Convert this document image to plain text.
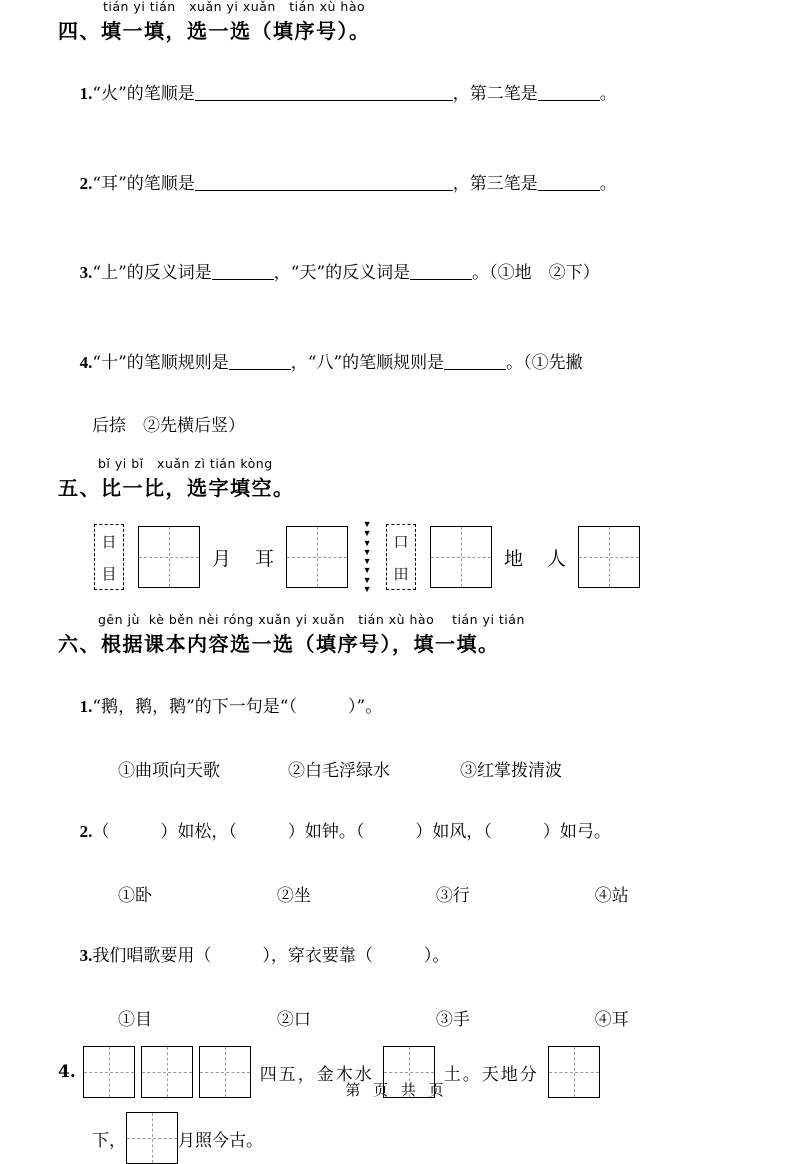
tián yi tián   xuǎn yi xuǎn   tián xù hào
四、填一填，选一选（填序号）。

1.“火”的笔顺是	，第二笔是	。

2.“耳”的笔顺是	，第三笔是	。

3.“上”的反义词是	，“天”的反义词是	。（①地　②下）

4.“十”的笔顺规则是	，“八”的笔顺规则是	。（①先撇

后捺　②先横后竖）
bǐ yi bǐ   xuǎn zì tián kòng
五、比一比，选字填空。
日
目
月 耳
▼
▼
▼
▼
▼
▼
▼
▼
口
田
地 人
gēn jù  kè běn nèi róng xuǎn yi xuǎn   tián xù hào    tián yi tián
六、根据课本内容选一选（填序号），填一填。

1.“鹅，鹅，鹅”的下一句是“（　　　）”。

①曲项向天歌	②白毛浮绿水	③红掌拨清波

2.（　　　）如松，（　　　）如钟。（　　　）如风，（　　　）如弓。

①卧	②坐	③行	④站

3.我们唱歌要用（　　　），穿衣要靠（　　　）。

①目	②口	③手	④耳
4.	四五，金木水	土。天地分
下，	月照今古。
第 页 共 页
